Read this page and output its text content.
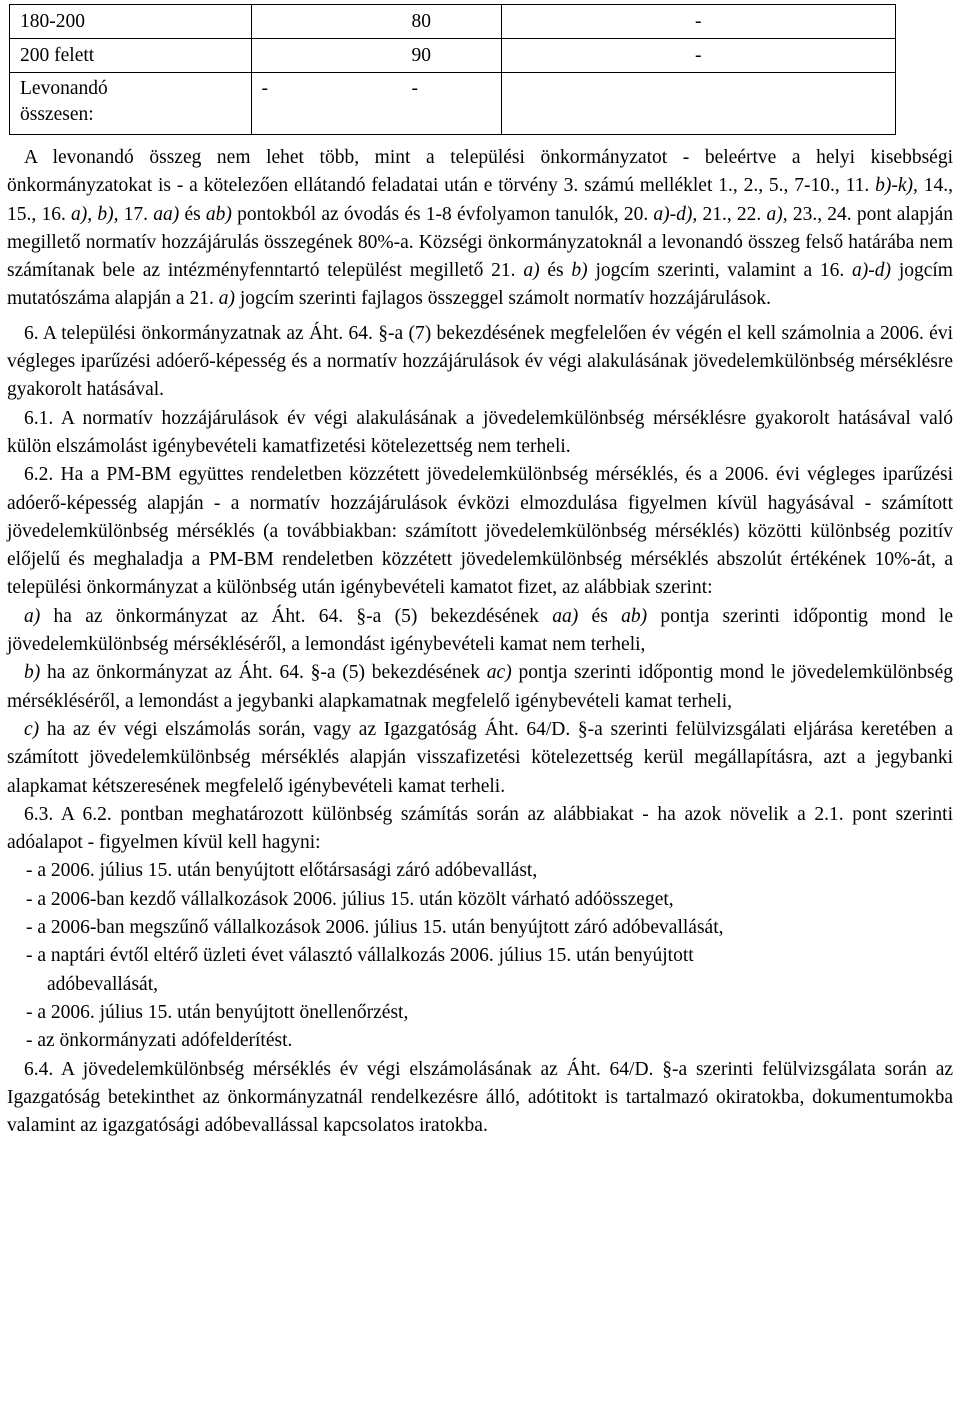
180-200	80	-
200 felett	90	-
Levonandó
összesen:	- -	

A levonandó összeg nem lehet több, mint a települési önkormányzatot - beleértve a helyi kisebbségi önkormányzatokat is - a kötelezően ellátandó feladatai után e törvény 3. számú melléklet 1., 2., 5., 7-10., 11. b)-k), 14., 15., 16. a), b), 17. aa) és ab) pontokból az óvodás és 1-8 évfolyamon tanulók, 20. a)-d), 21., 22. a), 23., 24. pont alapján megillető normatív hozzájárulás összegének 80%-a. Községi önkormányzatoknál a levonandó összeg felső határába nem számítanak bele az intézményfenntartó települést megillető 21. a) és b) jogcím szerinti, valamint a 16. a)-d) jogcím mutatószáma alapján a 21. a) jogcím szerinti fajlagos összeggel számolt normatív hozzájárulások.

6. A települési önkormányzatnak az Áht. 64. §-a (7) bekezdésének megfelelően év végén el kell számolnia a 2006. évi végleges iparűzési adóerő-képesség és a normatív hozzájárulások év végi alakulásának jövedelemkülönbség mérséklésre gyakorolt hatásával.

6.1. A normatív hozzájárulások év végi alakulásának a jövedelemkülönbség mérséklésre gyakorolt hatásával való külön elszámolást igénybevételi kamatfizetési kötelezettség nem terheli.

6.2. Ha a PM-BM együttes rendeletben közzétett jövedelemkülönbség mérséklés, és a 2006. évi végleges iparűzési adóerő-képesség alapján - a normatív hozzájárulások évközi elmozdulása figyelmen kívül hagyásával - számított jövedelemkülönbség mérséklés (a továbbiakban: számított jövedelemkülönbség mérséklés) közötti különbség pozitív előjelű és meghaladja a PM-BM rendeletben közzétett jövedelemkülönbség mérséklés abszolút értékének 10%-át, a települési önkormányzat a különbség után igénybevételi kamatot fizet, az alábbiak szerint:

a) ha az önkormányzat az Áht. 64. §-a (5) bekezdésének aa) és ab) pontja szerinti időpontig mond le jövedelemkülönbség mérsékléséről, a lemondást igénybevételi kamat nem terheli,

b) ha az önkormányzat az Áht. 64. §-a (5) bekezdésének ac) pontja szerinti időpontig mond le jövedelemkülönbség mérsékléséről, a lemondást a jegybanki alapkamatnak megfelelő igénybevételi kamat terheli,

c) ha az év végi elszámolás során, vagy az Igazgatóság Áht. 64/D. §-a szerinti felülvizsgálati eljárása keretében a számított jövedelemkülönbség mérséklés alapján visszafizetési kötelezettség kerül megállapításra, azt a jegybanki alapkamat kétszeresének megfelelő igénybevételi kamat terheli.

6.3. A 6.2. pontban meghatározott különbség számítás során az alábbiakat - ha azok növelik a 2.1. pont szerinti adóalapot - figyelmen kívül kell hagyni:

- a 2006. július 15. után benyújtott előtársasági záró adóbevallást,

- a 2006-ban kezdő vállalkozások 2006. július 15. után közölt várható adóösszeget,

- a 2006-ban megszűnő vállalkozások 2006. július 15. után benyújtott záró adóbevallását,

- a naptári évtől eltérő üzleti évet választó vállalkozás 2006. július 15. után benyújtott

adóbevallását,

- a 2006. július 15. után benyújtott önellenőrzést,

- az önkormányzati adófelderítést.

6.4. A jövedelemkülönbség mérséklés év végi elszámolásának az Áht. 64/D. §-a szerinti felülvizsgálata során az Igazgatóság betekinthet az önkormányzatnál rendelkezésre álló, adótitokt is tartalmazó okiratokba, dokumentumokba valamint az igazgatósági adóbevallással kapcsolatos iratokba.
